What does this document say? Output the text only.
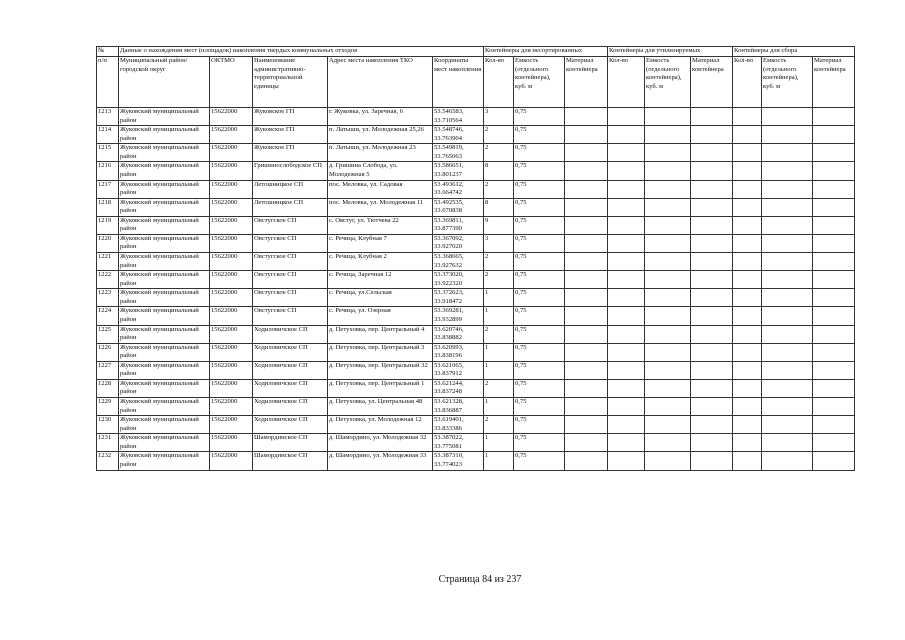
№	Данные о нахождении мест (площадок) накопления твердых коммунальных отходов					Контейнеры для несортированных			Контейнеры для утилизируемых			Контейнеры для сбора		
п/п	Муниципальный район/городской округ	ОКТМО	Наименование административно-территориальной единицы	Адрес места накопления ТКО	Координаты мест накопления	Кол-во	Емкость (отдельного контейнера), куб. м	Материал контейнера	Кол-во	Емкость (отдельного контейнера), куб. м	Материал контейнера	Кол-во	Емкость (отдельного контейнера), куб. м	Материал контейнера
1213	Жуковский муниципальный район	15622000	Жуковское ГП	г. Жуковка, ул. Заречная, 6	53.546583, 33.710564	3	0,75							
1214	Жуковский муниципальный район	15622000	Жуковское ГП	п. Латыши, ул. Молодежная 25,26	53.548746, 33.763904	2	0,75							
1215	Жуковский муниципальный район	15622000	Жуковское ГП	п. Латыши, ул. Молодежная 23	53.549819, 33.765063	2	0,75							
1216	Жуковский муниципальный район	15622000	Гришинослободское СП	д. Гришина Слобода, ул. Молодежная 5	53.586651, 33.801237	8	0,75							
1217	Жуковский муниципальный район	15622000	Летошницкое СП	пос. Меловка, ул. Садовая	53.493612, 33.664742	2	0,75							
1218	Жуковский муниципальный район	15622000	Летошницкое СП	пос. Меловка, ул. Молодежная 11	53.492535, 33.670838	8	0,75							
1219	Жуковский муниципальный район	15622000	Овстугское СП	с. Овстуг, ул. Тютчева 22	53.369811, 33.877390	9	0,75							
1220	Жуковский муниципальный район	15622000	Овстугское СП	с. Речица, Клубная 7	53.367092, 33.927020	3	0,75							
1221	Жуковский муниципальный район	15622000	Овстугское СП	с. Речица, Клубная 2	53.368665, 33.927632	2	0,75							
1222	Жуковский муниципальный район	15622000	Овстугское СП	с. Речица, Заречная 12	53.373020, 33.922320	2	0,75							
1223	Жуковский муниципальный район	15622000	Овстугское СП	с. Речица, ул.Сельская	53.372623, 33.918472	1	0,75							
1224	Жуковский муниципальный район	15622000	Овстугское СП	с. Речица, ул. Озерная	53.369281, 33.932899	1	0,75							
1225	Жуковский муниципальный район	15622000	Ходиловичское СП	д. Петуховка, пер. Центральный 4	53.620746, 33.838882	2	0,75							
1226	Жуковский муниципальный район	15622000	Ходиловичское СП	д. Петуховка, пер. Центральный 3	53.620993, 33.838196	1	0,75							
1227	Жуковский муниципальный район	15622000	Ходиловичское СП	д. Петуховка, пер. Центральный 32	53.621065, 33.837912	1	0,75							
1228	Жуковский муниципальный район	15622000	Ходиловичское СП	д. Петуховка, пер. Центральный 1	53.621244, 33.837248	2	0,75							
1229	Жуковский муниципальный район	15622000	Ходиловичское СП	д. Петуховка, ул. Центральная 48	53.621328, 33.836887	1	0,75							
1230	Жуковский муниципальный район	15622000	Ходиловичское СП	д. Петуховка, ул. Молодежная 12	53.619401, 33.833386	2	0,75							
1231	Жуковский муниципальный район	15622000	Шамординское СП	д. Шамордино, ул. Молодежная 32	53.387022, 33.775081	1	0,75							
1232	Жуковский муниципальный район	15622000	Шамординское СП	д. Шамордино, ул. Молодежная 33	53.387310, 33.774023	1	0,75							
Страница 84 из 237
